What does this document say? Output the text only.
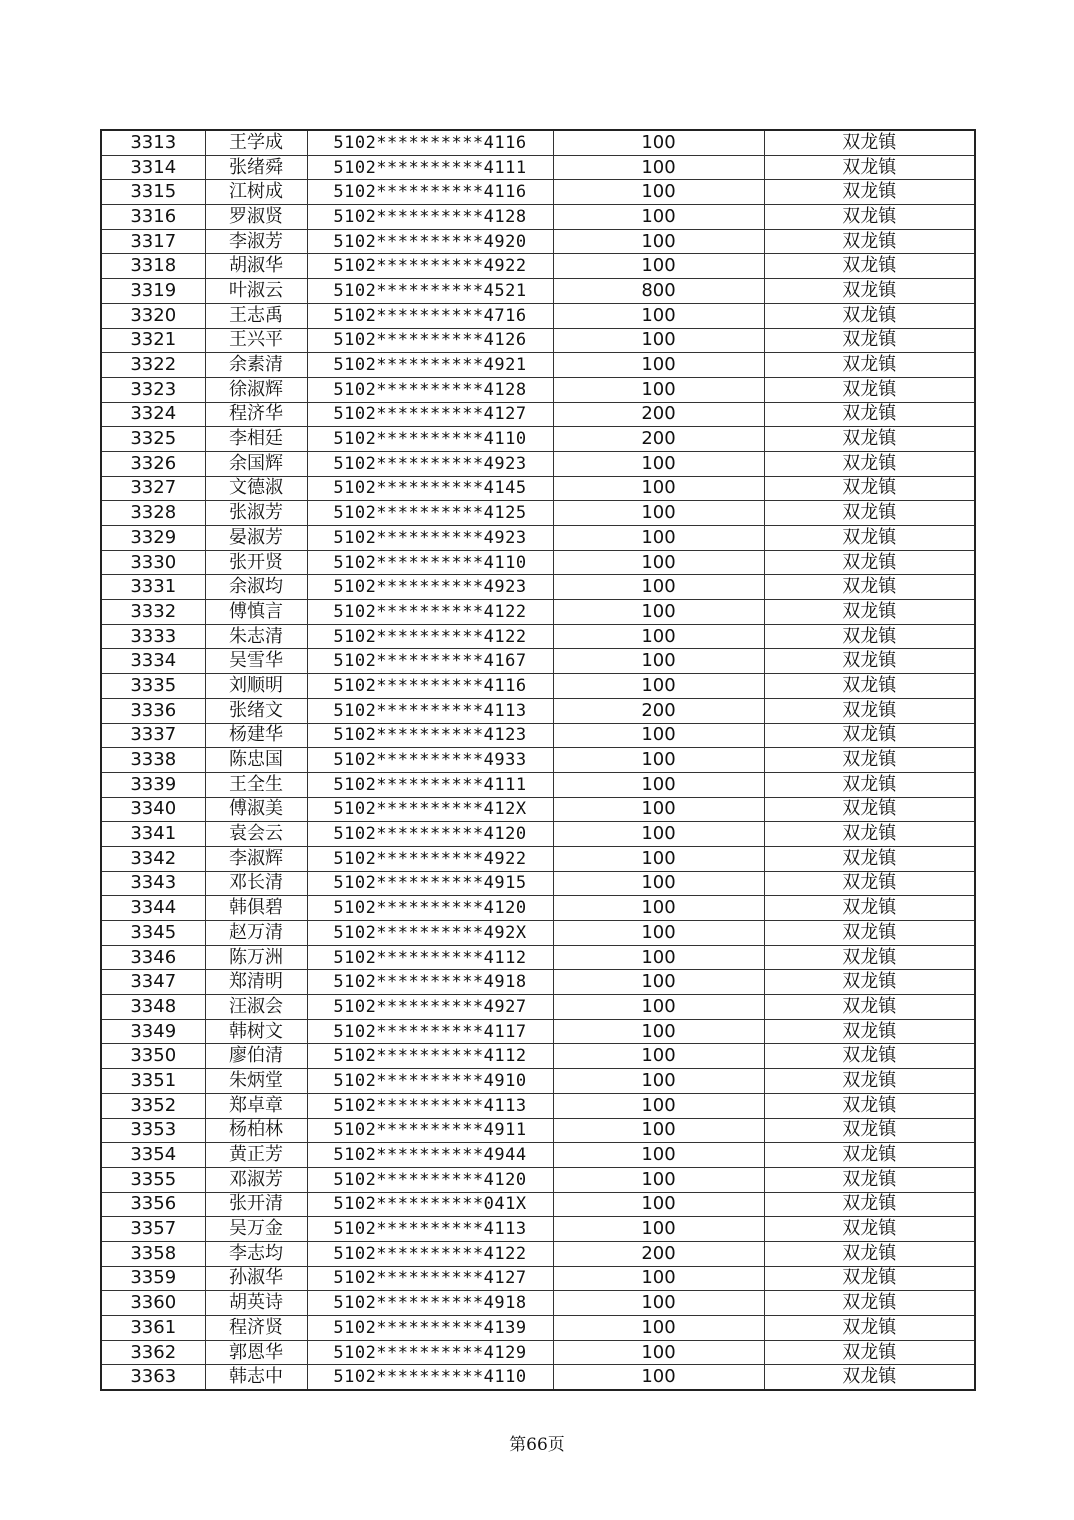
3313	王学成	5102**********4116	100	双龙镇
3314	张绪舜	5102**********4111	100	双龙镇
3315	江树成	5102**********4116	100	双龙镇
3316	罗淑贤	5102**********4128	100	双龙镇
3317	李淑芳	5102**********4920	100	双龙镇
3318	胡淑华	5102**********4922	100	双龙镇
3319	叶淑云	5102**********4521	800	双龙镇
3320	王志禹	5102**********4716	100	双龙镇
3321	王兴平	5102**********4126	100	双龙镇
3322	余素清	5102**********4921	100	双龙镇
3323	徐淑辉	5102**********4128	100	双龙镇
3324	程济华	5102**********4127	200	双龙镇
3325	李相廷	5102**********4110	200	双龙镇
3326	余国辉	5102**********4923	100	双龙镇
3327	文德淑	5102**********4145	100	双龙镇
3328	张淑芳	5102**********4125	100	双龙镇
3329	晏淑芳	5102**********4923	100	双龙镇
3330	张开贤	5102**********4110	100	双龙镇
3331	余淑均	5102**********4923	100	双龙镇
3332	傅慎言	5102**********4122	100	双龙镇
3333	朱志清	5102**********4122	100	双龙镇
3334	吴雪华	5102**********4167	100	双龙镇
3335	刘顺明	5102**********4116	100	双龙镇
3336	张绪文	5102**********4113	200	双龙镇
3337	杨建华	5102**********4123	100	双龙镇
3338	陈忠国	5102**********4933	100	双龙镇
3339	王全生	5102**********4111	100	双龙镇
3340	傅淑美	5102**********412X	100	双龙镇
3341	袁会云	5102**********4120	100	双龙镇
3342	李淑辉	5102**********4922	100	双龙镇
3343	邓长清	5102**********4915	100	双龙镇
3344	韩俱碧	5102**********4120	100	双龙镇
3345	赵万清	5102**********492X	100	双龙镇
3346	陈万洲	5102**********4112	100	双龙镇
3347	郑清明	5102**********4918	100	双龙镇
3348	汪淑会	5102**********4927	100	双龙镇
3349	韩树文	5102**********4117	100	双龙镇
3350	廖伯清	5102**********4112	100	双龙镇
3351	朱炳堂	5102**********4910	100	双龙镇
3352	郑卓章	5102**********4113	100	双龙镇
3353	杨柏林	5102**********4911	100	双龙镇
3354	黄正芳	5102**********4944	100	双龙镇
3355	邓淑芳	5102**********4120	100	双龙镇
3356	张开清	5102**********041X	100	双龙镇
3357	吴万金	5102**********4113	100	双龙镇
3358	李志均	5102**********4122	200	双龙镇
3359	孙淑华	5102**********4127	100	双龙镇
3360	胡英诗	5102**********4918	100	双龙镇
3361	程济贤	5102**********4139	100	双龙镇
3362	郭恩华	5102**********4129	100	双龙镇
3363	韩志中	5102**********4110	100	双龙镇
第66页
